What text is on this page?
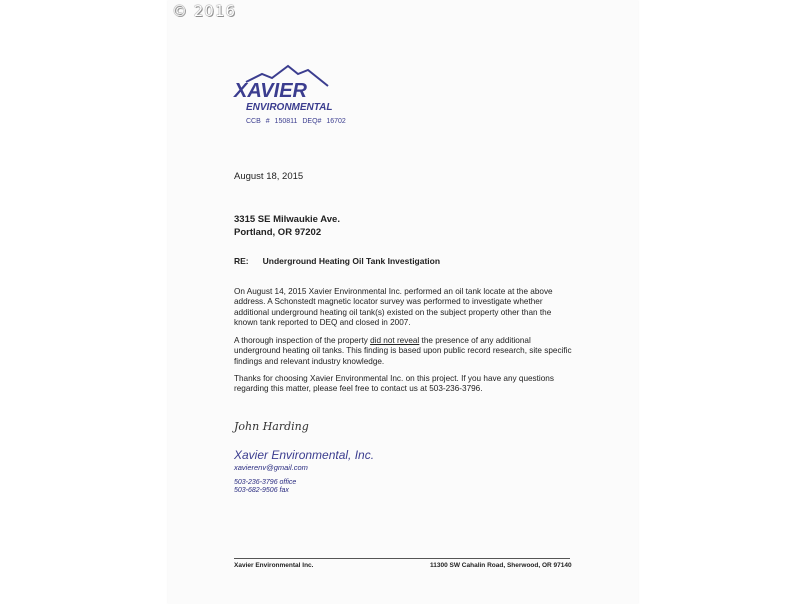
© 2016
XAVIER
ENVIRONMENTAL
CCB # 150811 DEQ# 16702
August 18, 2015
3315 SE Milwaukie Ave.
Portland, OR 97202
RE: Underground Heating Oil Tank Investigation
On August 14, 2015 Xavier Environmental Inc. performed an oil tank locate at the above address. A Schonstedt magnetic locator survey was performed to investigate whether additional underground heating oil tank(s) existed on the subject property other than the known tank reported to DEQ and closed in 2007.
A thorough inspection of the property did not reveal the presence of any additional underground heating oil tanks. This finding is based upon public record research, site specific findings and relevant industry knowledge.
Thanks for choosing Xavier Environmental Inc. on this project. If you have any questions regarding this matter, please feel free to contact us at 503-236-3796.
John Harding
Xavier Environmental, Inc.
xavierenv@gmail.com
503-236-3796 office
503-682-9506 fax
Xavier Environmental Inc.	11300 SW Cahalin Road, Sherwood, OR 97140
